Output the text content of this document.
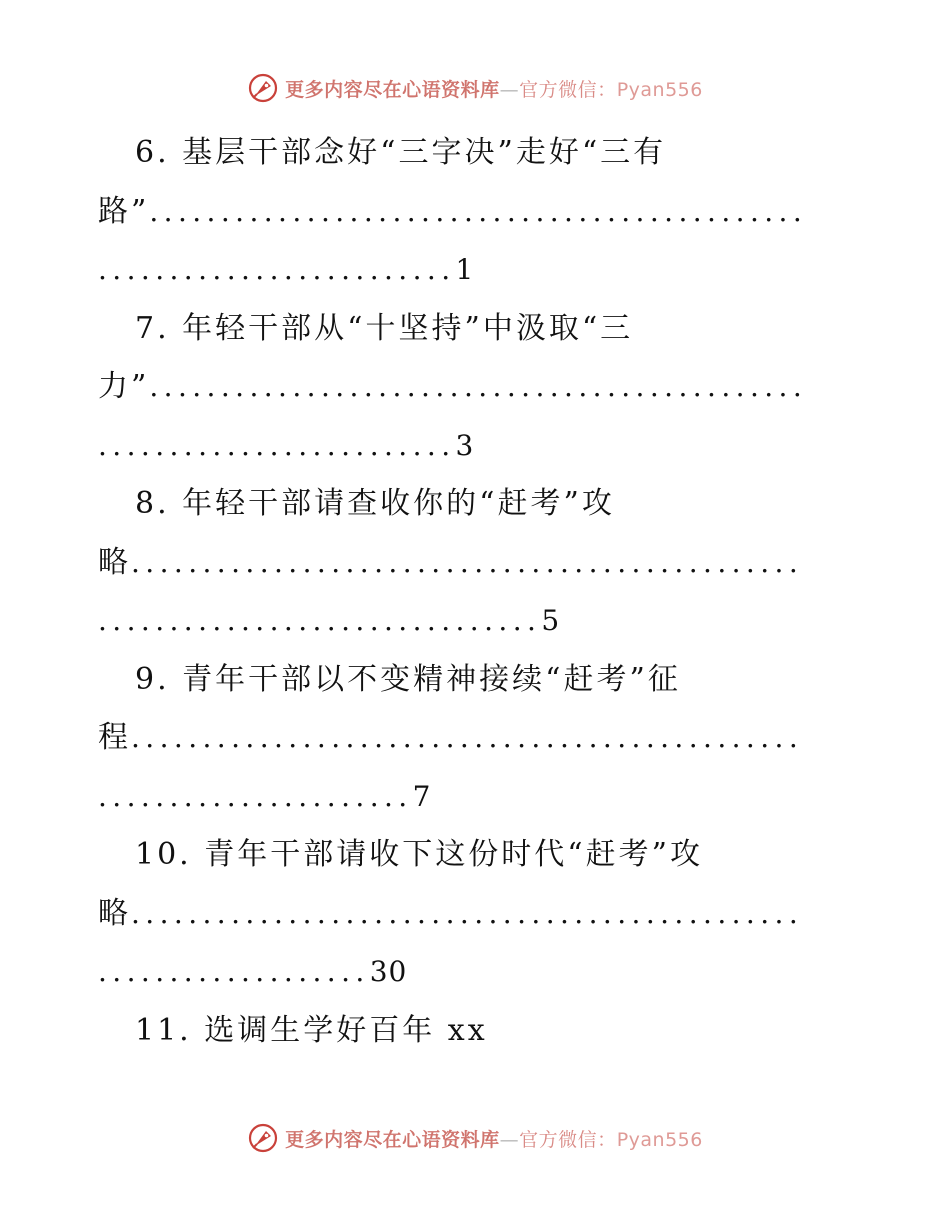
更多内容尽在心语资料库—官方微信：Pyan556
6. 基层干部念好“三字决”走好“三有
路”..............................................
.........................1
7. 年轻干部从“十坚持”中汲取“三
力”..............................................
.........................3
8. 年轻干部请查收你的“赶考”攻
略...............................................
...............................5
9. 青年干部以不变精神接续“赶考”征
程...............................................
......................7
10. 青年干部请收下这份时代“赶考”攻
略...............................................
...................30
11. 选调生学好百年 xx
更多内容尽在心语资料库—官方微信：Pyan556
